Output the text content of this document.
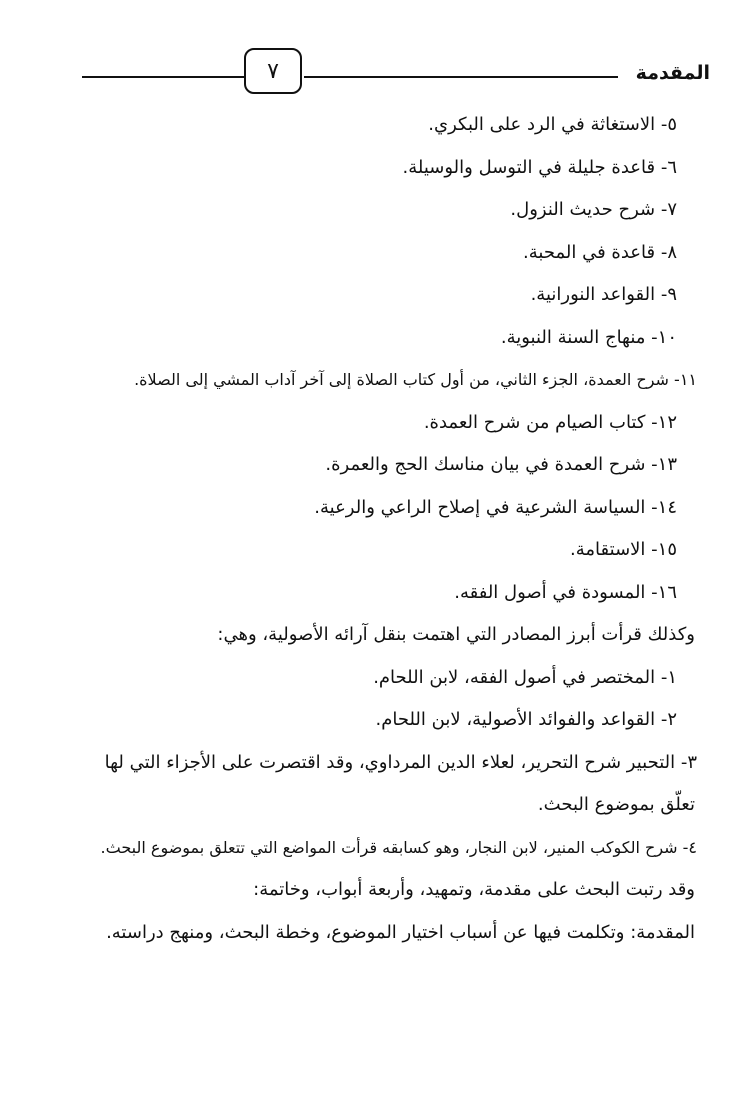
٧	المقدمة
٥- الاستغاثة في الرد على البكري.
٦- قاعدة جليلة في التوسل والوسيلة.
٧- شرح حديث النزول.
٨- قاعدة في المحبة.
٩- القواعد النورانية.
١٠- منهاج السنة النبوية.
١١- شرح العمدة، الجزء الثاني، من أول كتاب الصلاة إلى آخر آداب المشي إلى الصلاة.
١٢- كتاب الصيام من شرح العمدة.
١٣- شرح العمدة في بيان مناسك الحج والعمرة.
١٤- السياسة الشرعية في إصلاح الراعي والرعية.
١٥- الاستقامة.
١٦- المسودة في أصول الفقه.
وكذلك قرأت أبرز المصادر التي اهتمت بنقل آرائه الأصولية، وهي:
١- المختصر في أصول الفقه، لابن اللحام.
٢- القواعد والفوائد الأصولية، لابن اللحام.
٣- التحبير شرح التحرير، لعلاء الدين المرداوي، وقد اقتصرت على الأجزاء التي لها
تعلّق بموضوع البحث.
٤- شرح الكوكب المنير، لابن النجار، وهو كسابقه قرأت المواضع التي تتعلق بموضوع البحث.
وقد رتبت البحث على مقدمة، وتمهيد، وأربعة أبواب، وخاتمة:
المقدمة: وتكلمت فيها عن أسباب اختيار الموضوع، وخطة البحث، ومنهج دراسته.
